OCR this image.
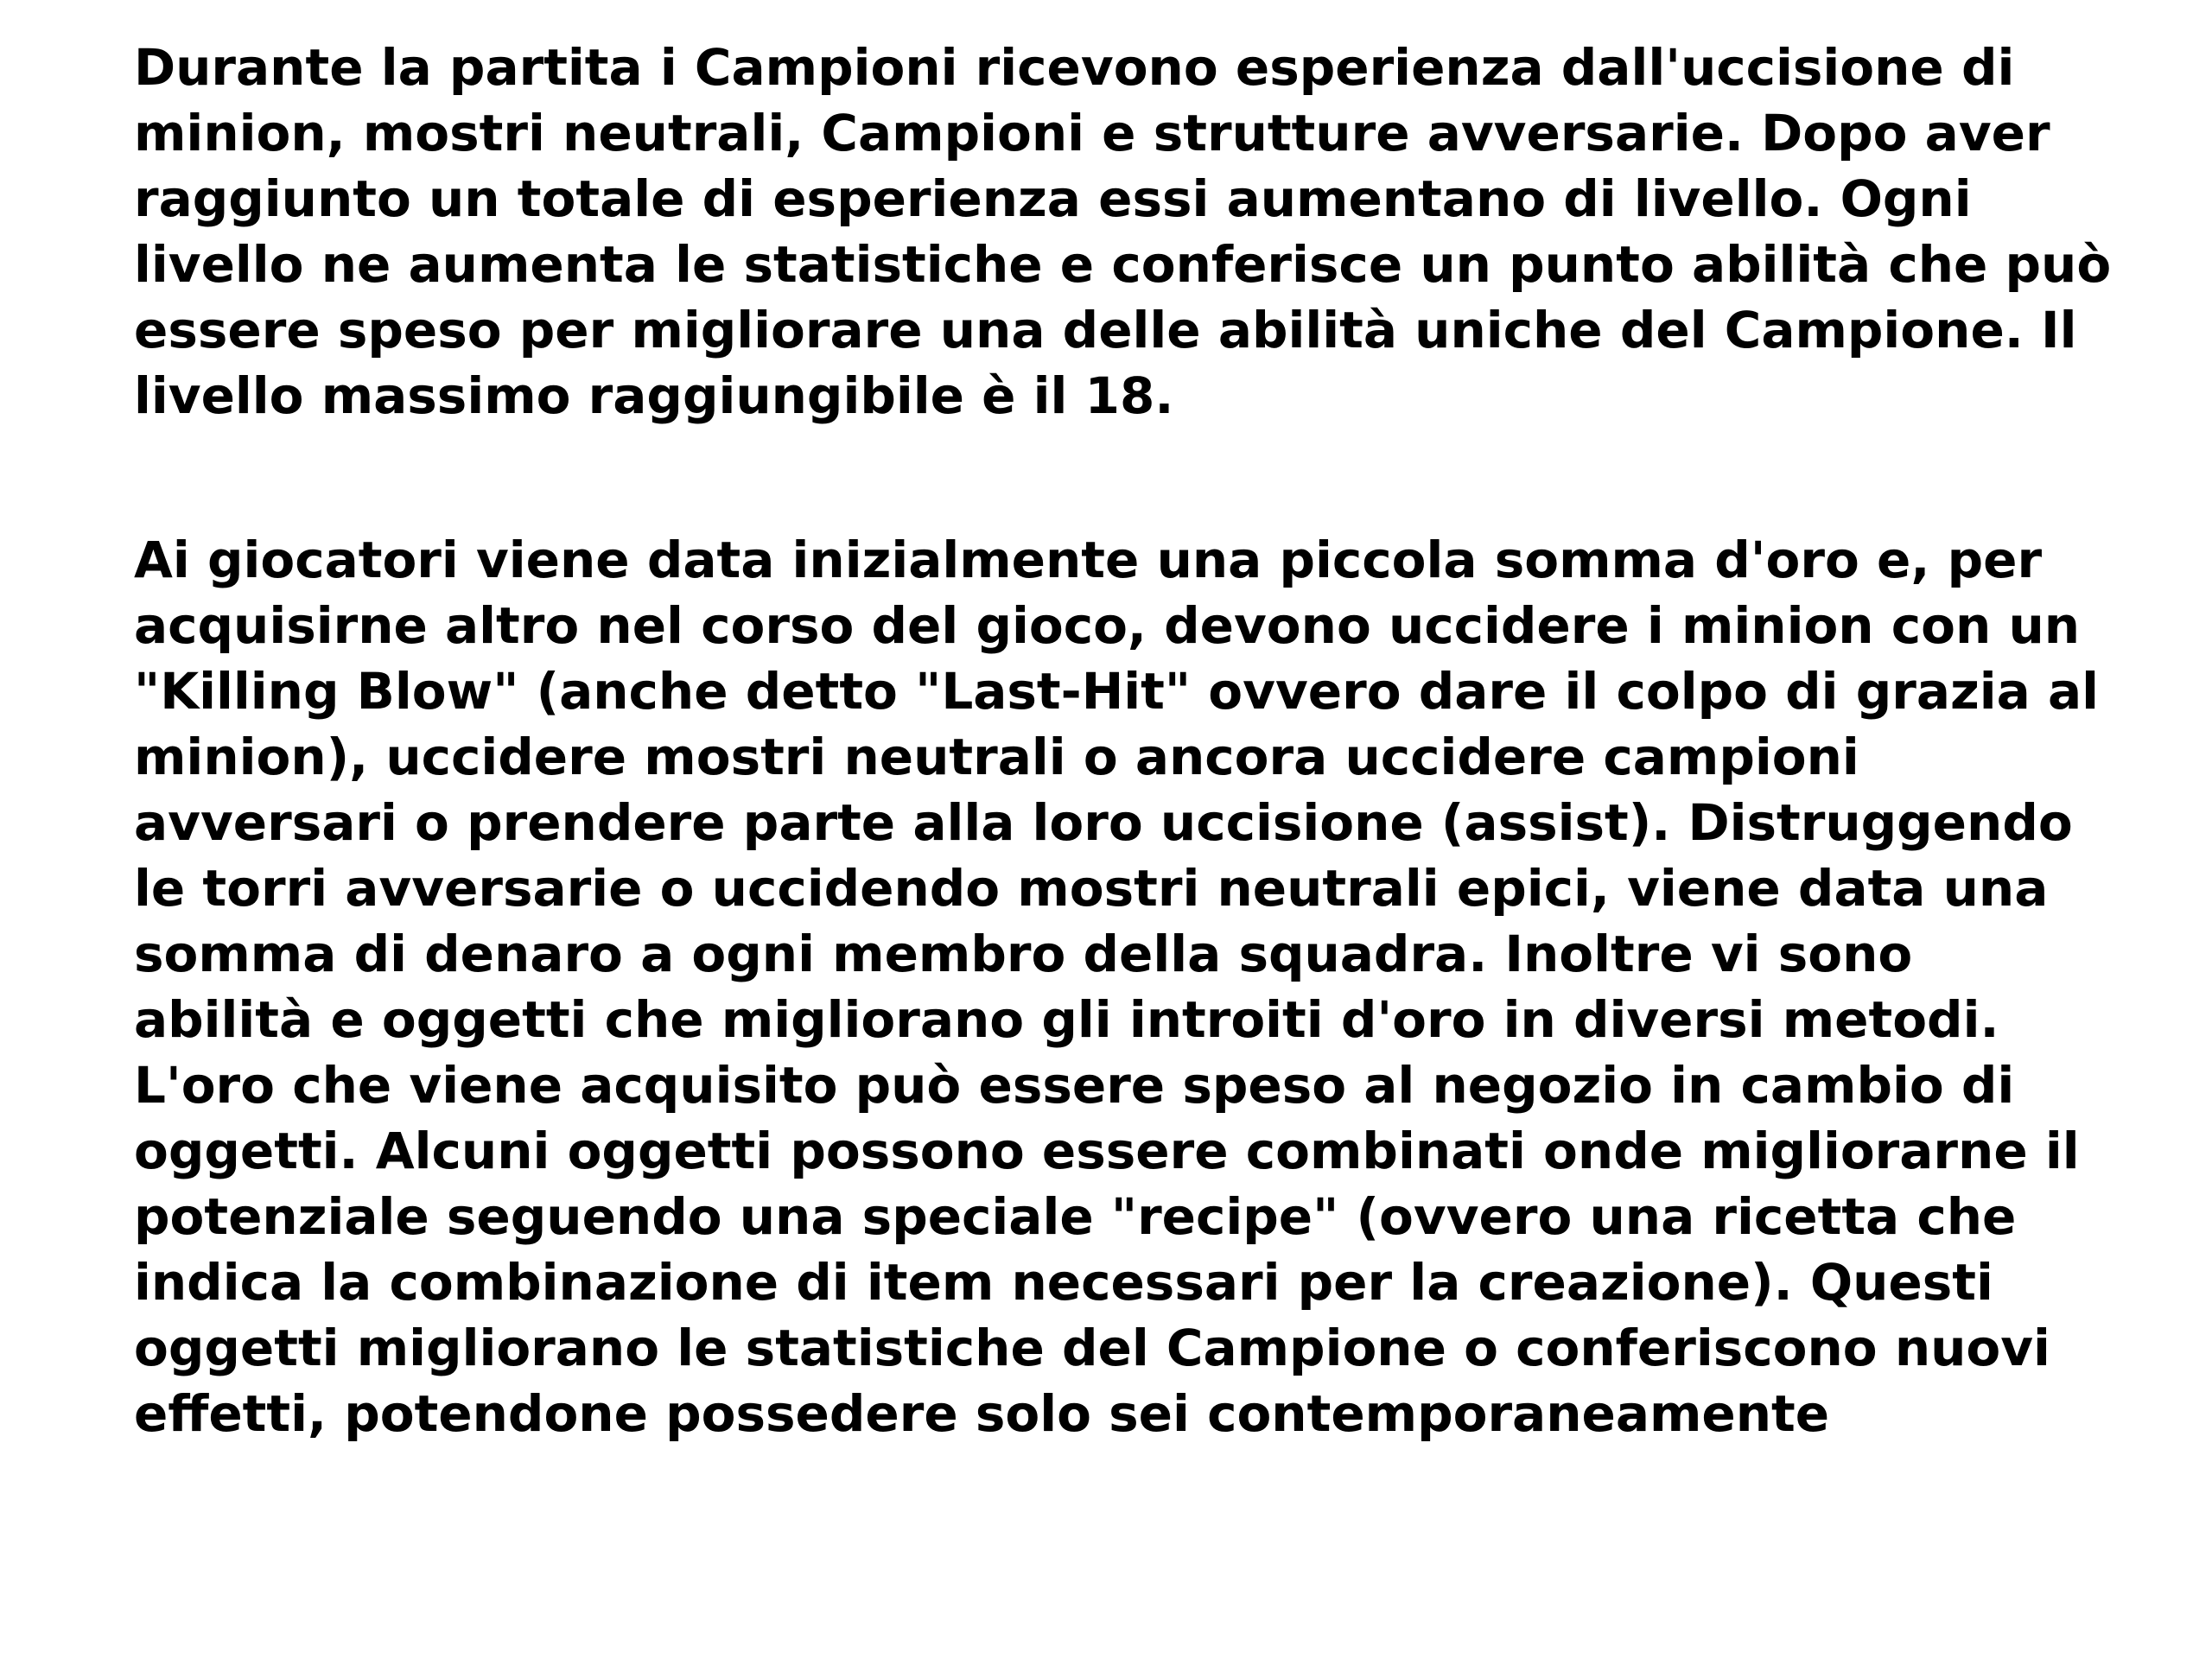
Durante la partita i Campioni ricevono esperienza dall'uccisione di
minion, mostri neutrali, Campioni e strutture avversarie. Dopo aver
raggiunto un totale di esperienza essi aumentano di livello. Ogni
livello ne aumenta le statistiche e conferisce un punto abilità che può
essere speso per migliorare una delle abilità uniche del Campione. Il
livello massimo raggiungibile è il 18.

Ai giocatori viene data inizialmente una piccola somma d'oro e, per
acquisirne altro nel corso del gioco, devono uccidere i minion con un
"Killing Blow" (anche detto "Last-Hit" ovvero dare il colpo di grazia al
minion), uccidere mostri neutrali o ancora uccidere campioni
avversari o prendere parte alla loro uccisione (assist). Distruggendo
le torri avversarie o uccidendo mostri neutrali epici, viene data una
somma di denaro a ogni membro della squadra. Inoltre vi sono
abilità e oggetti che migliorano gli introiti d'oro in diversi metodi.
L'oro che viene acquisito può essere speso al negozio in cambio di
oggetti. Alcuni oggetti possono essere combinati onde migliorarne il
potenziale seguendo una speciale "recipe" (ovvero una ricetta che
indica la combinazione di item necessari per la creazione). Questi
oggetti migliorano le statistiche del Campione o conferiscono nuovi
effetti, potendone possedere solo sei contemporaneamente
